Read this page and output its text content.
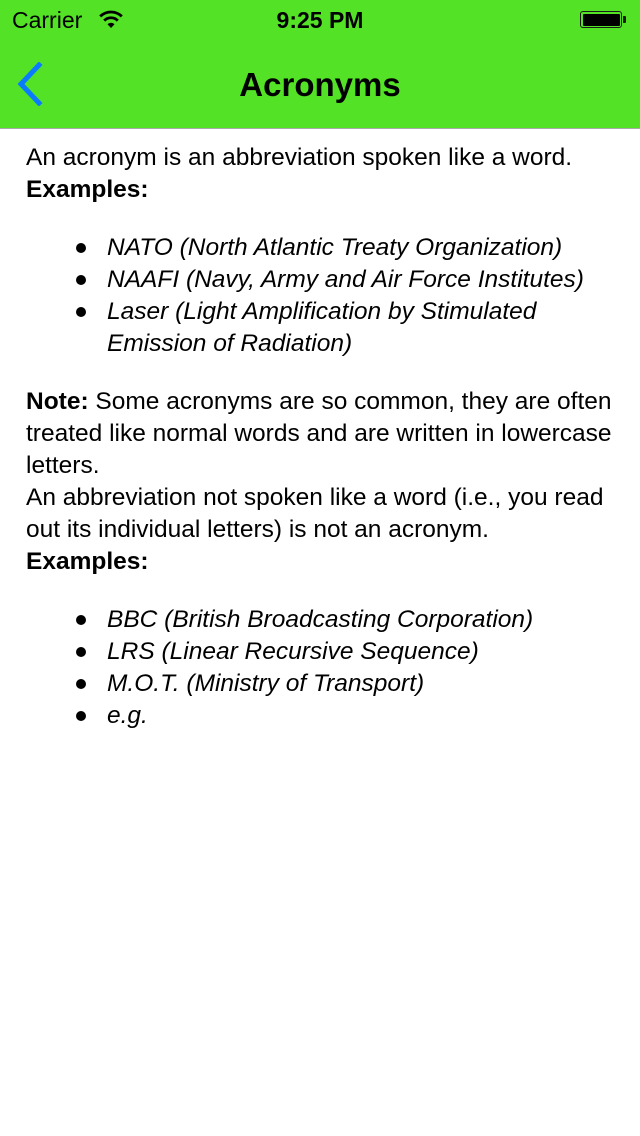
Carrier	9:25 PM
Acronyms

An acronym is an abbreviation spoken like a word.

Examples:

NATO (North Atlantic Treaty Organization)
NAAFI (Navy, Army and Air Force Institutes)
Laser (Light Amplification by Stimulated Emission of Radiation)

Note: Some acronyms are so common, they are often treated like normal words and are written in lowercase letters.

An abbreviation not spoken like a word (i.e., you read out its individual letters) is not an acronym.

Examples:

BBC (British Broadcasting Corporation)
LRS (Linear Recursive Sequence)
M.O.T. (Ministry of Transport)
e.g.
